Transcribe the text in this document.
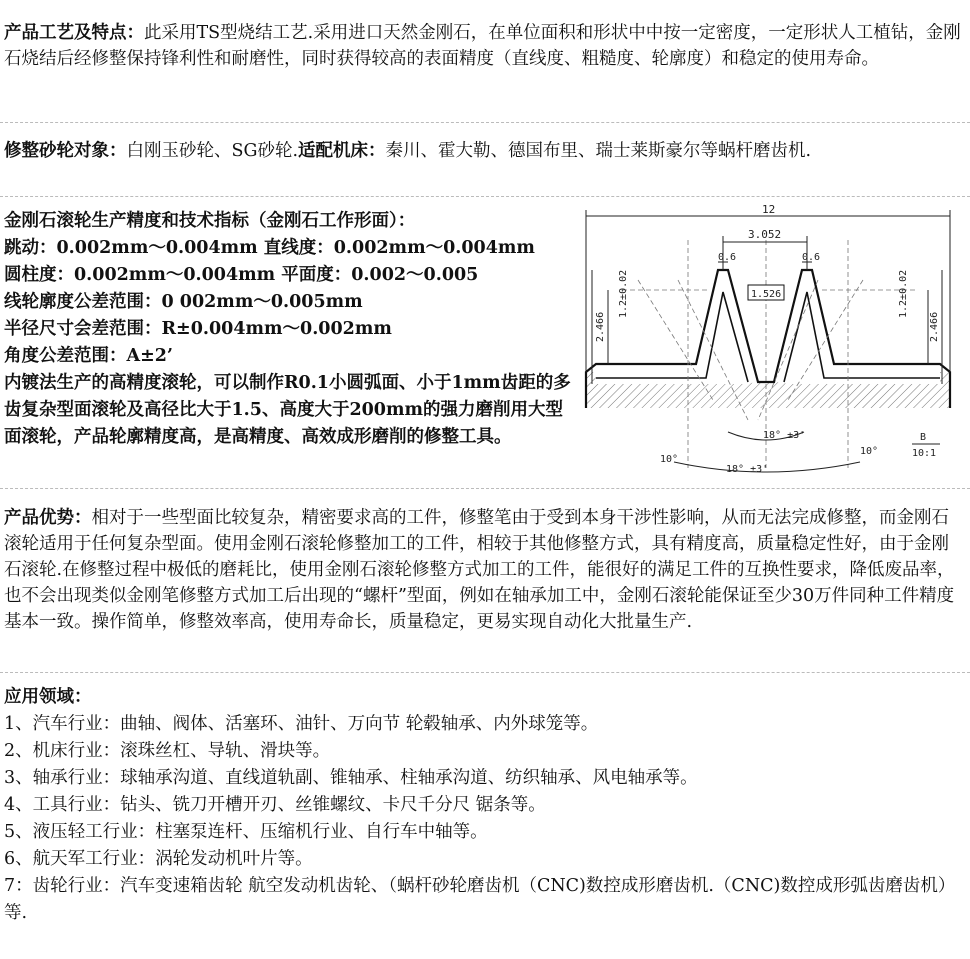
产品工艺及特点：此采用TS型烧结工艺.采用进口天然金刚石，在单位面积和形状中中按一定密度，一定形状人工植钻，金刚石烧结后经修整保持锋利性和耐磨性，同时获得较高的表面精度（直线度、粗糙度、轮廓度）和稳定的使用寿命。
修整砂轮对象：白刚玉砂轮、SG砂轮.适配机床：秦川、霍大勒、德国布里、瑞士莱斯豪尔等蜗杆磨齿机.
金刚石滚轮生产精度和技术指标（金刚石工作形面）：
跳动：0.002mm～0.004mm 直线度：0.002mm～0.004mm
圆柱度：0.002mm～0.004mm 平面度：0.002～0.005
线轮廓度公差范围：0 002mm～0.005mm
半径尺寸会差范围：R±0.004mm～0.002mm
角度公差范围：A±2’
内镀法生产的高精度滚轮，可以制作R0.1小圆弧面、小于1mm齿距的多齿复杂型面滚轮及高径比大于1.5、高度大于200mm的强力磨削用大型面滚轮，产品轮廓精度高，是高精度、高效成形磨削的修整工具。
12
3.052
0.6	0.6
1.526
1.2±0.02	1.2±0.02
2.466	2.466
18° ±3'
18° ±3'
10°
10°
B
10:1
产品优势：相对于一些型面比较复杂，精密要求高的工件，修整笔由于受到本身干涉性影响，从而无法完成修整，而金刚石滚轮适用于任何复杂型面。使用金刚石滚轮修整加工的工件，相较于其他修整方式，具有精度高，质量稳定性好，由于金刚石滚轮.在修整过程中极低的磨耗比，使用金刚石滚轮修整方式加工的工件，能很好的满足工件的互换性要求，降低废品率，也不会出现类似金刚笔修整方式加工后出现的“螺杆”型面，例如在轴承加工中，金刚石滚轮能保证至少30万件同种工件精度基本一致。操作简单，修整效率高，使用寿命长，质量稳定，更易实现自动化大批量生产.
应用领域：
1、汽车行业：曲轴、阀体、活塞环、油针、万向节 轮毂轴承、内外球笼等。
2、机床行业：滚珠丝杠、导轨、滑块等。
3、轴承行业：球轴承沟道、直线道轨副、锥轴承、柱轴承沟道、纺织轴承、风电轴承等。
4、工具行业：钻头、铣刀开槽开刃、丝锥螺纹、卡尺千分尺 锯条等。
5、液压轻工行业：柱塞泵连杆、压缩机行业、自行车中轴等。
6、航天军工行业：涡轮发动机叶片等。
7：齿轮行业：汽车变速箱齿轮 航空发动机齿轮、（蜗杆砂轮磨齿机（CNC)数控成形磨齿机.（CNC)数控成形弧齿磨齿机）等.
